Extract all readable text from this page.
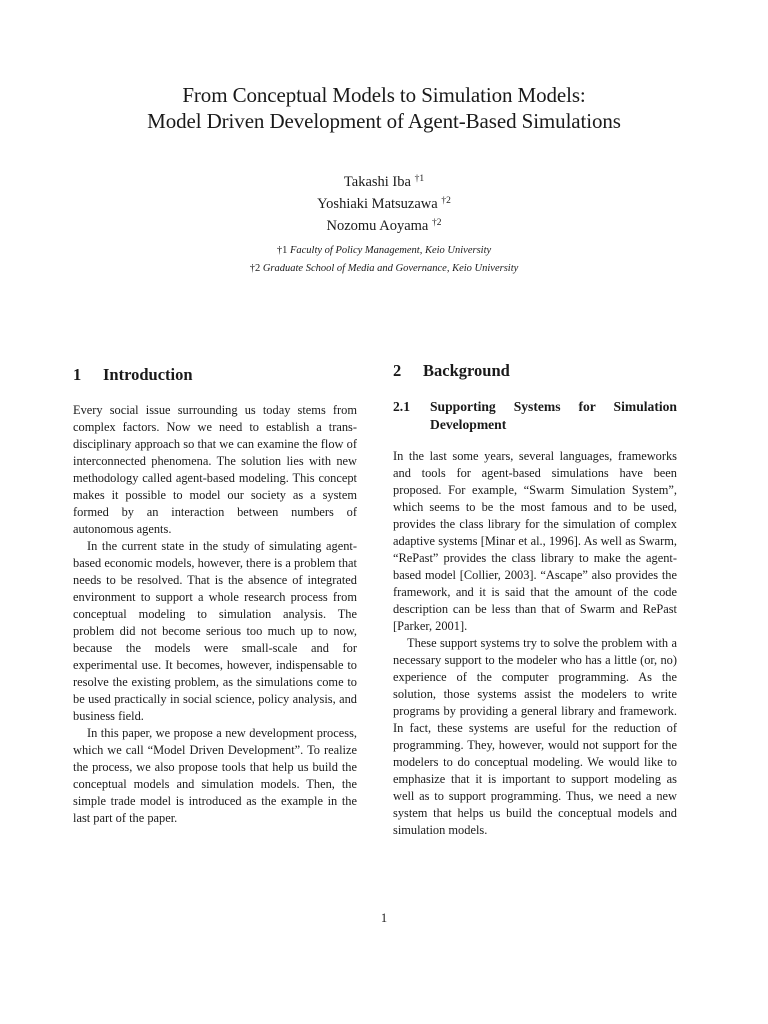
From Conceptual Models to Simulation Models:
Model Driven Development of Agent-Based Simulations
Takashi Iba $^{\dagger 1}$
Yoshiaki Matsuzawa $^{\dagger 2}$
Nozomu Aoyama $^{\dagger 2}$
†1 Faculty of Policy Management, Keio University
†2 Graduate School of Media and Governance, Keio University
1 Introduction

Every social issue surrounding us today stems from complex factors. Now we need to establish a trans-disciplinary approach so that we can examine the flow of interconnected phenomena. The solution lies with new methodology called agent-based modeling. This concept makes it possible to model our society as a system formed by an interaction between numbers of autonomous agents.

In the current state in the study of simulating agent-based economic models, however, there is a problem that needs to be resolved. That is the absence of integrated environment to support a whole research process from conceptual modeling to simulation analysis. The problem did not become serious too much up to now, because the models were small-scale and for experimental use. It becomes, however, indispensable to resolve the existing problem, as the simulations come to be used practically in social science, policy analysis, and business field.

In this paper, we propose a new development process, which we call “Model Driven Development”. To realize the process, we also propose tools that help us build the conceptual models and simulation models. Then, the simple trade model is introduced as the example in the last part of the paper.

2 Background
2.1	Supporting Systems for Simulation Development

In the last some years, several languages, frameworks and tools for agent-based simulations have been proposed. For example, “Swarm Simulation System”, which seems to be the most famous and to be used, provides the class library for the simulation of complex adaptive systems [Minar et al., 1996]. As well as Swarm, “RePast” provides the class library to make the agent-based model [Collier, 2003]. “Ascape” also provides the framework, and it is said that the amount of the code description can be less than that of Swarm and RePast [Parker, 2001].

These support systems try to solve the problem with a necessary support to the modeler who has a little (or, no) experience of the computer programming. As the solution, those systems assist the modelers to write programs by providing a general library and framework. In fact, these systems are useful for the reduction of programming. They, however, would not support for the modelers to do conceptual modeling. We would like to emphasize that it is important to support modeling as well as to support programming. Thus, we need a new system that helps us build the conceptual models and simulation models.

1
